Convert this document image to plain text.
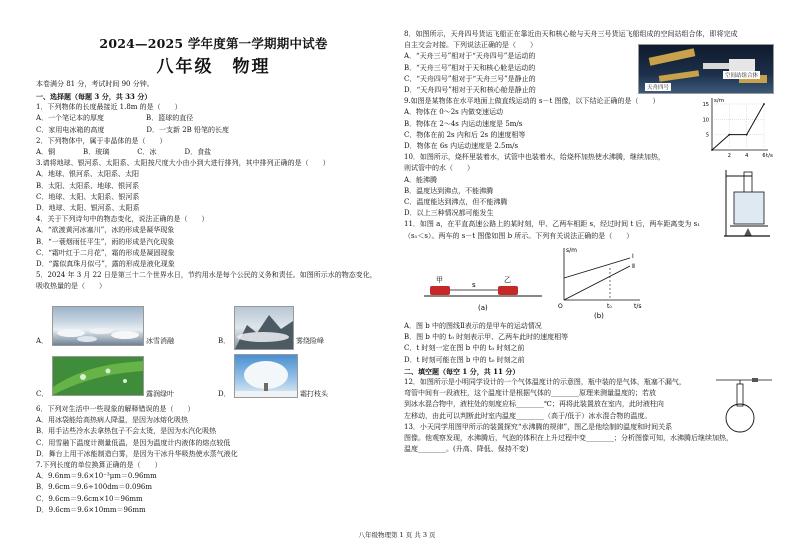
2024—2025 学年度第一学期期中试卷
八年级　物理
本卷满分 81 分，考试时间 90 分钟。
一、选择题（每题 3 分，共 33 分）
1．下列物体的长度最接近 1.8m 的是（　　）
A．一个笔记本的厚度　　　　　　B．篮球的直径
C．家用电冰箱的高度　　　　　　D．一支新 2B 铅笔的长度
2．下列物体中，属于非晶体的是（　　）
A．铜　　　　B．玻璃　　　　C．冰　　　　D．食盐
3.请将地球、银河系、太阳系、太阳按尺度大小由小到大进行排列，其中排列正确的是（　　）
A．地球、银河系、太阳系、太阳
B．太阳、太阳系、地球、银河系
C．地球、太阳、太阳系、银河系
D．地球、太阳、银河系、太阳系
4．关于下列诗句中的物态变化，说法正确的是（　　）
A．“欲渡黄河冰塞川”，冰的形成是凝华现象
B．“一蓑烟雨任平生”，雨的形成是汽化现象
C．“霜叶红于二月花”，霜的形成是凝固现象
D．“露似真珠月似弓”，露的形成是液化现象
5．2024 年 3 月 22 日是第三十二个世界水日，节约用水是每个公民的义务和责任。如图所示水的物态变化，
吸收热量的是（　　）
A．	冰雪消融	B．	雾绕险峰
C．	露润绿叶	D．	霜打枝头
6．下列对生活中一些现象的解释错误的是（　　）
A．用冰袋能给高热病人降温，是因为冰熔化吸热
B．用手沾些冷水去拿热包子不会太烫，是因为水汽化吸热
C．用雪融下温度计测量低温，是因为温度计内液体的熔点较低
D．舞台上用干冰能制造白雾，是因为干冰升华吸热使水蒸气液化
7.下列长度的单位换算正确的是（　　）
A．9.6nm＝9.6×10⁻³μm＝0.96mm
B．9.6cm＝9.6÷100dm＝0.096m
C．9.6cm＝9.6cm×10＝96mm
D．9.6cm＝9.6×10mm＝96mm
8．如图所示，天舟四号货运飞船正在靠近由天和核心舱与天舟三号货运飞船组成的空间站组合体，即将完成
自主交会对接。下列说法正确的是（　　）
A．“天舟三号”相对于“天舟四号”是运动的
B．“天舟三号”相对于天和核心舱是运动的
C．“天舟四号”相对于“天舟三号”是静止的
D．“天舟四号”相对于天和核心舱是静止的
9.如图是某物体在水平地面上做直线运动的 s－t 图像，以下结论正确的是（　　）
A．物体在 0～2s 内做变速运动
B．物体在 2～4s 内运动速度是 5m/s
C．物体在前 2s 内和后 2s 的速度相等
D．物体在 6s 内运动速度是 2.5m/s
10．如图所示，烧杯里装着水，试管中也装着水，给烧杯加热使水沸腾，继续加热，
则试管中的水（　　）
A．能沸腾
B．温度达到沸点，不能沸腾
C．温度能达到沸点，但不能沸腾
D．以上三种情况都可能发生
11．如图 a，在平直高速公路上的某时刻，甲、乙两车相距 s，经过时间 t 后，两车距离变为 s₁
（s₁＜s）。两车的 s－t 图像如图 b 所示。下列有关说法正确的是（　　）
空间站组合体
天舟四号
5
10
15
2	4	6
s/m
t/s
甲	乙
s
(a)
s/m
t/s
O
Ⅰ
Ⅱ
t₀
(b)
A．图 b 中的图线Ⅱ表示的是甲车的运动情况
B．图 b 中的 t₀ 时刻表示甲、乙两车此时的速度相等
C．t 时刻一定在图 b 中的 t₀ 时刻之前
D．t 时刻可能在图 b 中的 t₀ 时刻之前
二、填空题（每空 1 分，共 11 分）
12．如图所示是小明同学设计的一个气体温度计的示意图，瓶中装的是气体，瓶塞不漏气，
弯管中间有一段液柱，这个温度计是根据气体的________原理来测量温度的；若放
到冰水混合物中，液柱处的刻度应标________℃；再将此装置放在室内，此时液柱向
左移动，由此可以判断此时室内温度________（高于/低于）冰水混合物的温度。
13．小天同学用图甲所示的装置探究“水沸腾的规律”，图乙是他绘制的温度和时间关系
图像。他观察发现，水沸腾后，气泡的体积在上升过程中变________；分析图像可知，水沸腾后继续加热，
温度________。(升高、降低、保持不变)
八年级物理第 1 页 共 3 页
